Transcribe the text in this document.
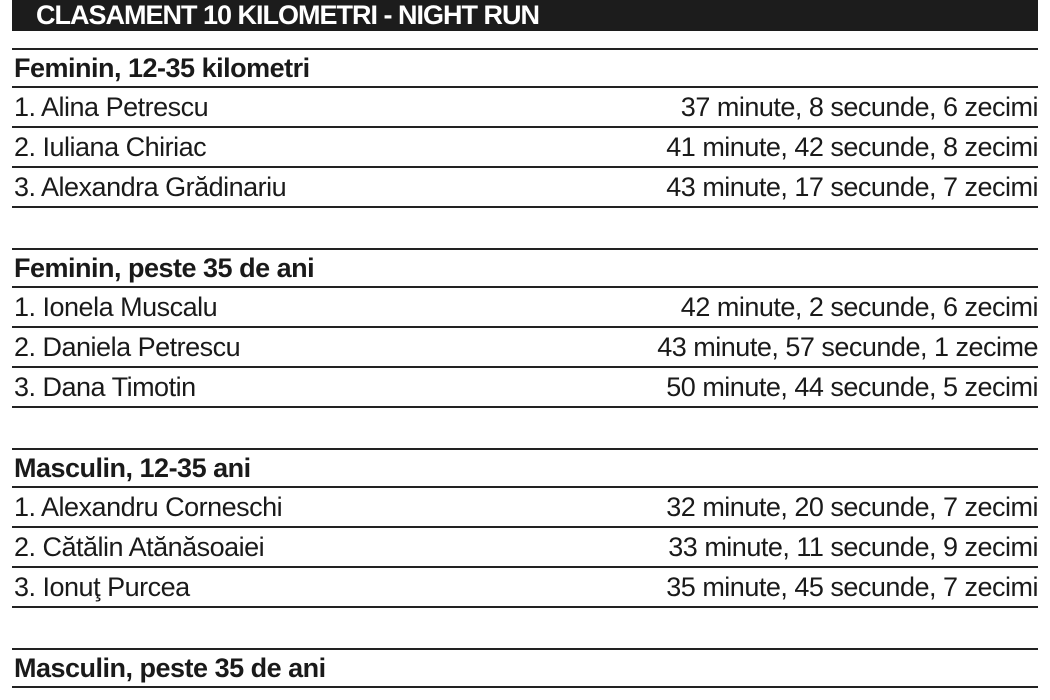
CLASAMENT 10 KILOMETRI - NIGHT RUN
Feminin, 12-35 kilometri
1. Alina Petrescu	37 minute, 8 secunde, 6 zecimi
2. Iuliana Chiriac	41 minute, 42 secunde, 8 zecimi
3. Alexandra Grădinariu	43 minute, 17 secunde, 7 zecimi
Feminin, peste 35 de ani
1. Ionela Muscalu	42 minute, 2 secunde, 6 zecimi
2. Daniela Petrescu	43 minute, 57 secunde, 1 zecime
3. Dana Timotin	50 minute, 44 secunde, 5 zecimi
Masculin, 12-35 ani
1. Alexandru Corneschi	32 minute, 20 secunde, 7 zecimi
2. Cătălin Atănăsoaiei	33 minute, 11 secunde, 9 zecimi
3. Ionuţ Purcea	35 minute, 45 secunde, 7 zecimi
Masculin, peste 35 de ani
